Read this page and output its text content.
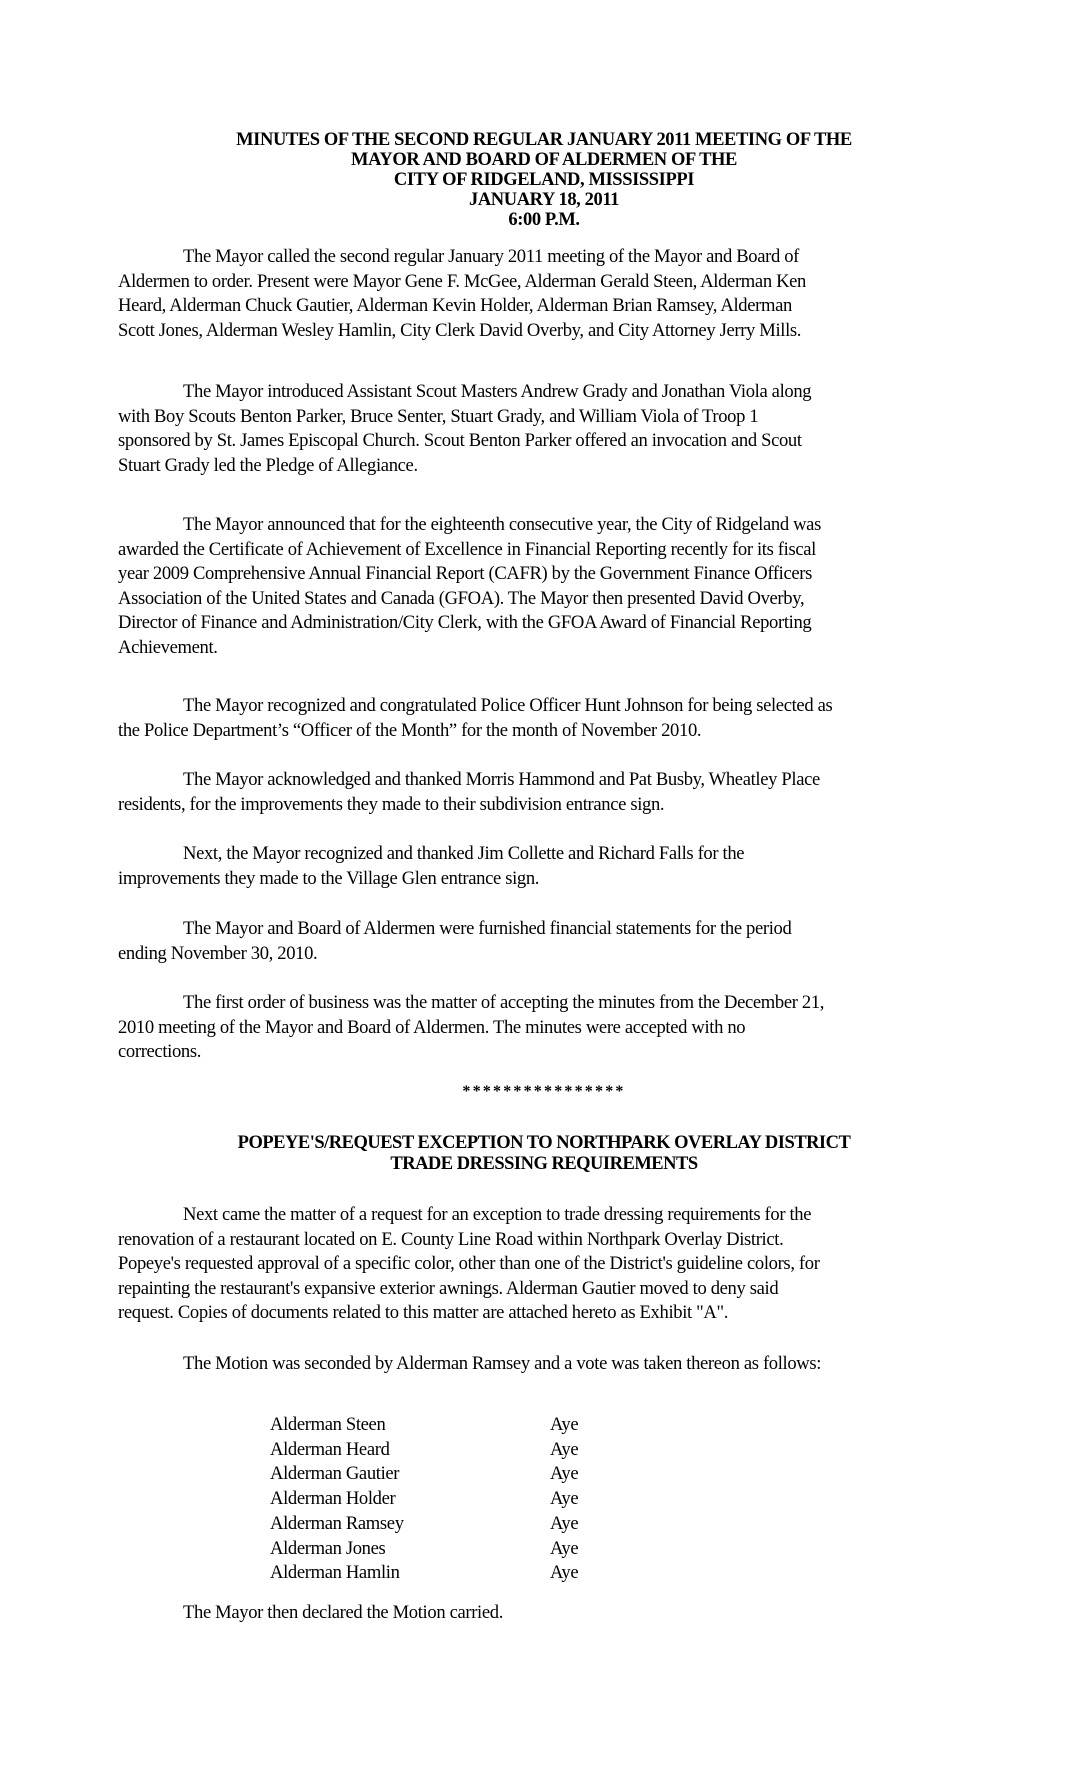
MINUTES OF THE SECOND REGULAR JANUARY 2011 MEETING OF THE
MAYOR AND BOARD OF ALDERMEN OF THE
CITY OF RIDGELAND, MISSISSIPPI
JANUARY 18, 2011
6:00 P.M.
The Mayor called the second regular January 2011 meeting of the Mayor and Board of
Aldermen to order. Present were Mayor Gene F. McGee, Alderman Gerald Steen, Alderman Ken
Heard, Alderman Chuck Gautier, Alderman Kevin Holder, Alderman Brian Ramsey, Alderman
Scott Jones, Alderman Wesley Hamlin, City Clerk David Overby, and City Attorney Jerry Mills.
The Mayor introduced Assistant Scout Masters Andrew Grady and Jonathan Viola along
with Boy Scouts Benton Parker, Bruce Senter, Stuart Grady, and William Viola of Troop 1
sponsored by St. James Episcopal Church. Scout Benton Parker offered an invocation and Scout
Stuart Grady led the Pledge of Allegiance.
The Mayor announced that for the eighteenth consecutive year, the City of Ridgeland was
awarded the Certificate of Achievement of Excellence in Financial Reporting recently for its fiscal
year 2009 Comprehensive Annual Financial Report (CAFR) by the Government Finance Officers
Association of the United States and Canada (GFOA). The Mayor then presented David Overby,
Director of Finance and Administration/City Clerk, with the GFOA Award of Financial Reporting
Achievement.
The Mayor recognized and congratulated Police Officer Hunt Johnson for being selected as
the Police Department’s “Officer of the Month” for the month of November 2010.
The Mayor acknowledged and thanked Morris Hammond and Pat Busby, Wheatley Place
residents, for the improvements they made to their subdivision entrance sign.
Next, the Mayor recognized and thanked Jim Collette and Richard Falls for the
improvements they made to the Village Glen entrance sign.
The Mayor and Board of Aldermen were furnished financial statements for the period
ending November 30, 2010.
The first order of business was the matter of accepting the minutes from the December 21,
2010 meeting of the Mayor and Board of Aldermen. The minutes were accepted with no
corrections.
****************
POPEYE'S/REQUEST EXCEPTION TO NORTHPARK OVERLAY DISTRICT
TRADE DRESSING REQUIREMENTS
Next came the matter of a request for an exception to trade dressing requirements for the
renovation of a restaurant located on E. County Line Road within Northpark Overlay District.
Popeye's requested approval of a specific color, other than one of the District's guideline colors, for
repainting the restaurant's expansive exterior awnings. Alderman Gautier moved to deny said
request. Copies of documents related to this matter are attached hereto as Exhibit "A".
The Motion was seconded by Alderman Ramsey and a vote was taken thereon as follows:
Alderman Steen	Aye
Alderman Heard	Aye
Alderman Gautier	Aye
Alderman Holder	Aye
Alderman Ramsey	Aye
Alderman Jones	Aye
Alderman Hamlin	Aye
The Mayor then declared the Motion carried.
